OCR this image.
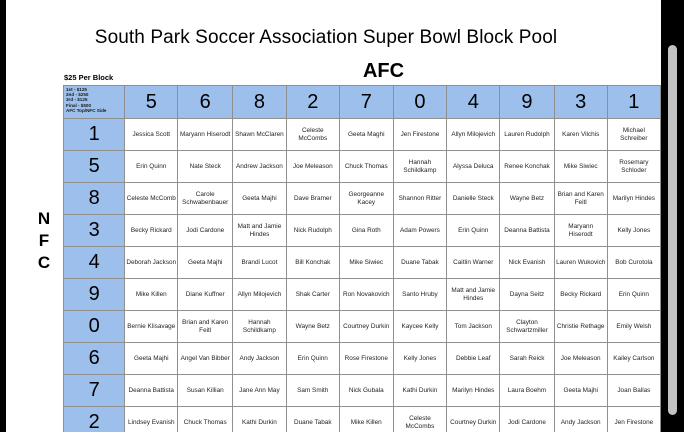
South Park Soccer Association Super Bowl Block Pool
AFC
N
F
C
$25 Per Block
1st - $125
2nd - $250
3rd - $125
Final - $500
AFC Top/NFC Side	5	6	8	2	7	0	4	9	3	1
1	Jessica Scott	Maryann Hiserodt	Shawn McClaren	Celeste McCombs	Geeta Maghi	Jen Firestone	Allyn Milojevich	Lauren Rudolph	Karen Vilchis	Michael Schreiber
5	Erin Quinn	Nate Steck	Andrew Jackson	Joe Meleason	Chuck Thomas	Hannah Schildkamp	Alyssa Deluca	Renee Konchak	Mike Siwiec	Rosemary Schloder
8	Celeste McComb	Carole Schwabenbauer	Geeta Majhi	Dave Bramer	Georgeanne Kacey	Shannon Ritter	Danielle Steck	Wayne Betz	Brian and Karen Feitl	Marilyn Hindes
3	Becky Rickard	Jodi Cardone	Matt and Jamie Hindes	Nick Rudolph	Gina Roth	Adam Powers	Erin Quinn	Deanna Battista	Maryann Hiserodt	Kelly Jones
4	Deborah Jackson	Geeta Majhi	Brandi Lucot	Bill Konchak	Mike Siwiec	Duane Tabak	Caitlin Warner	Nick Evanish	Lauren Wukovich	Bob Curotola
9	Mike Killen	Diane Kuffner	Allyn Milojevich	Shak Carter	Ron Novakovich	Santo Hruby	Matt and Jamie Hindes	Dayna Seitz	Becky Rickard	Erin Quinn
0	Bernie Klisavage	Brian and Karen Feitl	Hannah Schildkamp	Wayne Betz	Courtney Durkin	Kaycee Kelly	Tom Jackson	Clayton Schwartzmiller	Christie Rethage	Emily Welsh
6	Geeta Majhi	Angel Van Bibber	Andy Jackson	Erin Quinn	Rose Firestone	Kelly Jones	Debbie Leaf	Sarah Reick	Joe Meleason	Kailey Carlson
7	Deanna Battista	Susan Killian	Jane Ann May	Sam Smith	Nick Gubala	Kathi Durkin	Marilyn Hindes	Laura Boehm	Geeta Majhi	Joan Ballas
2	Lindsey Evanish	Chuck Thomas	Kathi Durkin	Duane Tabak	Mike Killen	Celeste McCombs	Courtney Durkin	Jodi Cardone	Andy Jackson	Jen Firestone
